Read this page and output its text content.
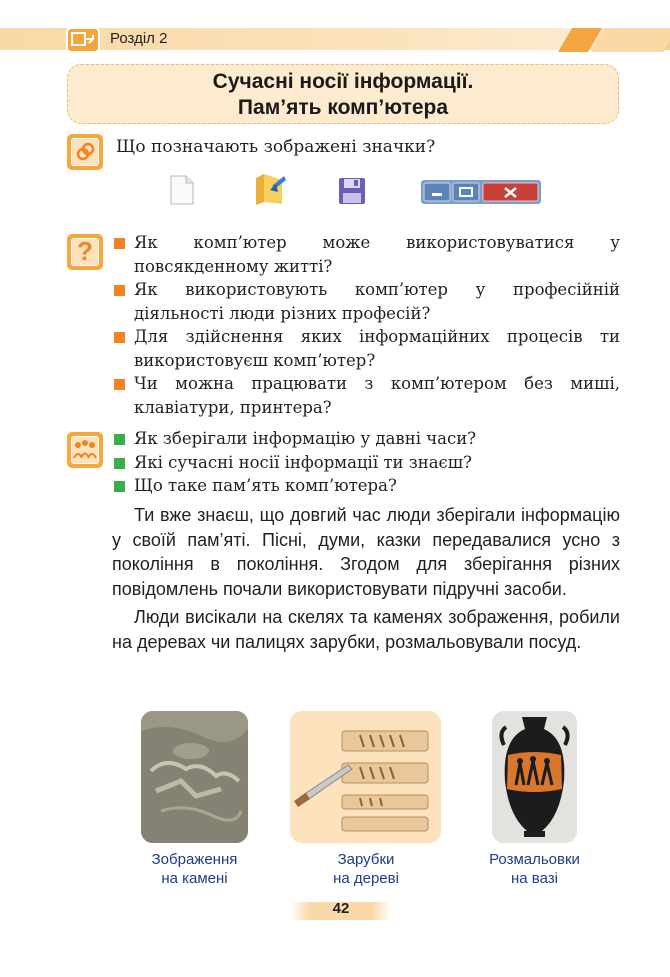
Розділ 2
Сучасні носії інформації.
Пам’ять комп’ютера
Що позначають зображені значки?
?	Як комп’ютер може використовуватися у повсякденному житті?
Як використовують комп’ютер у професійній діяльності люди різних професій?
Для здійснення яких інформаційних процесів ти використовуєш комп’ютер?
Чи можна працювати з комп’ютером без миші, клавіатури, принтера?
Як зберігали інформацію у давні часи?
Які сучасні носії інформації ти знаєш?
Що таке пам’ять комп’ютера?

Ти вже знаєш, що довгий час люди зберігали інформацію у своїй пам’яті. Пісні, думи, казки передавалися усно з покоління в покоління. Згодом для зберігання різних повідомлень почали використовувати підручні засоби.

Люди висікали на скелях та каменях зображення, робили на деревах чи палицях зарубки, розмальовували посуд.

Зображення
на камені
Зарубки
на дереві
Розмальовки
на вазі
42
